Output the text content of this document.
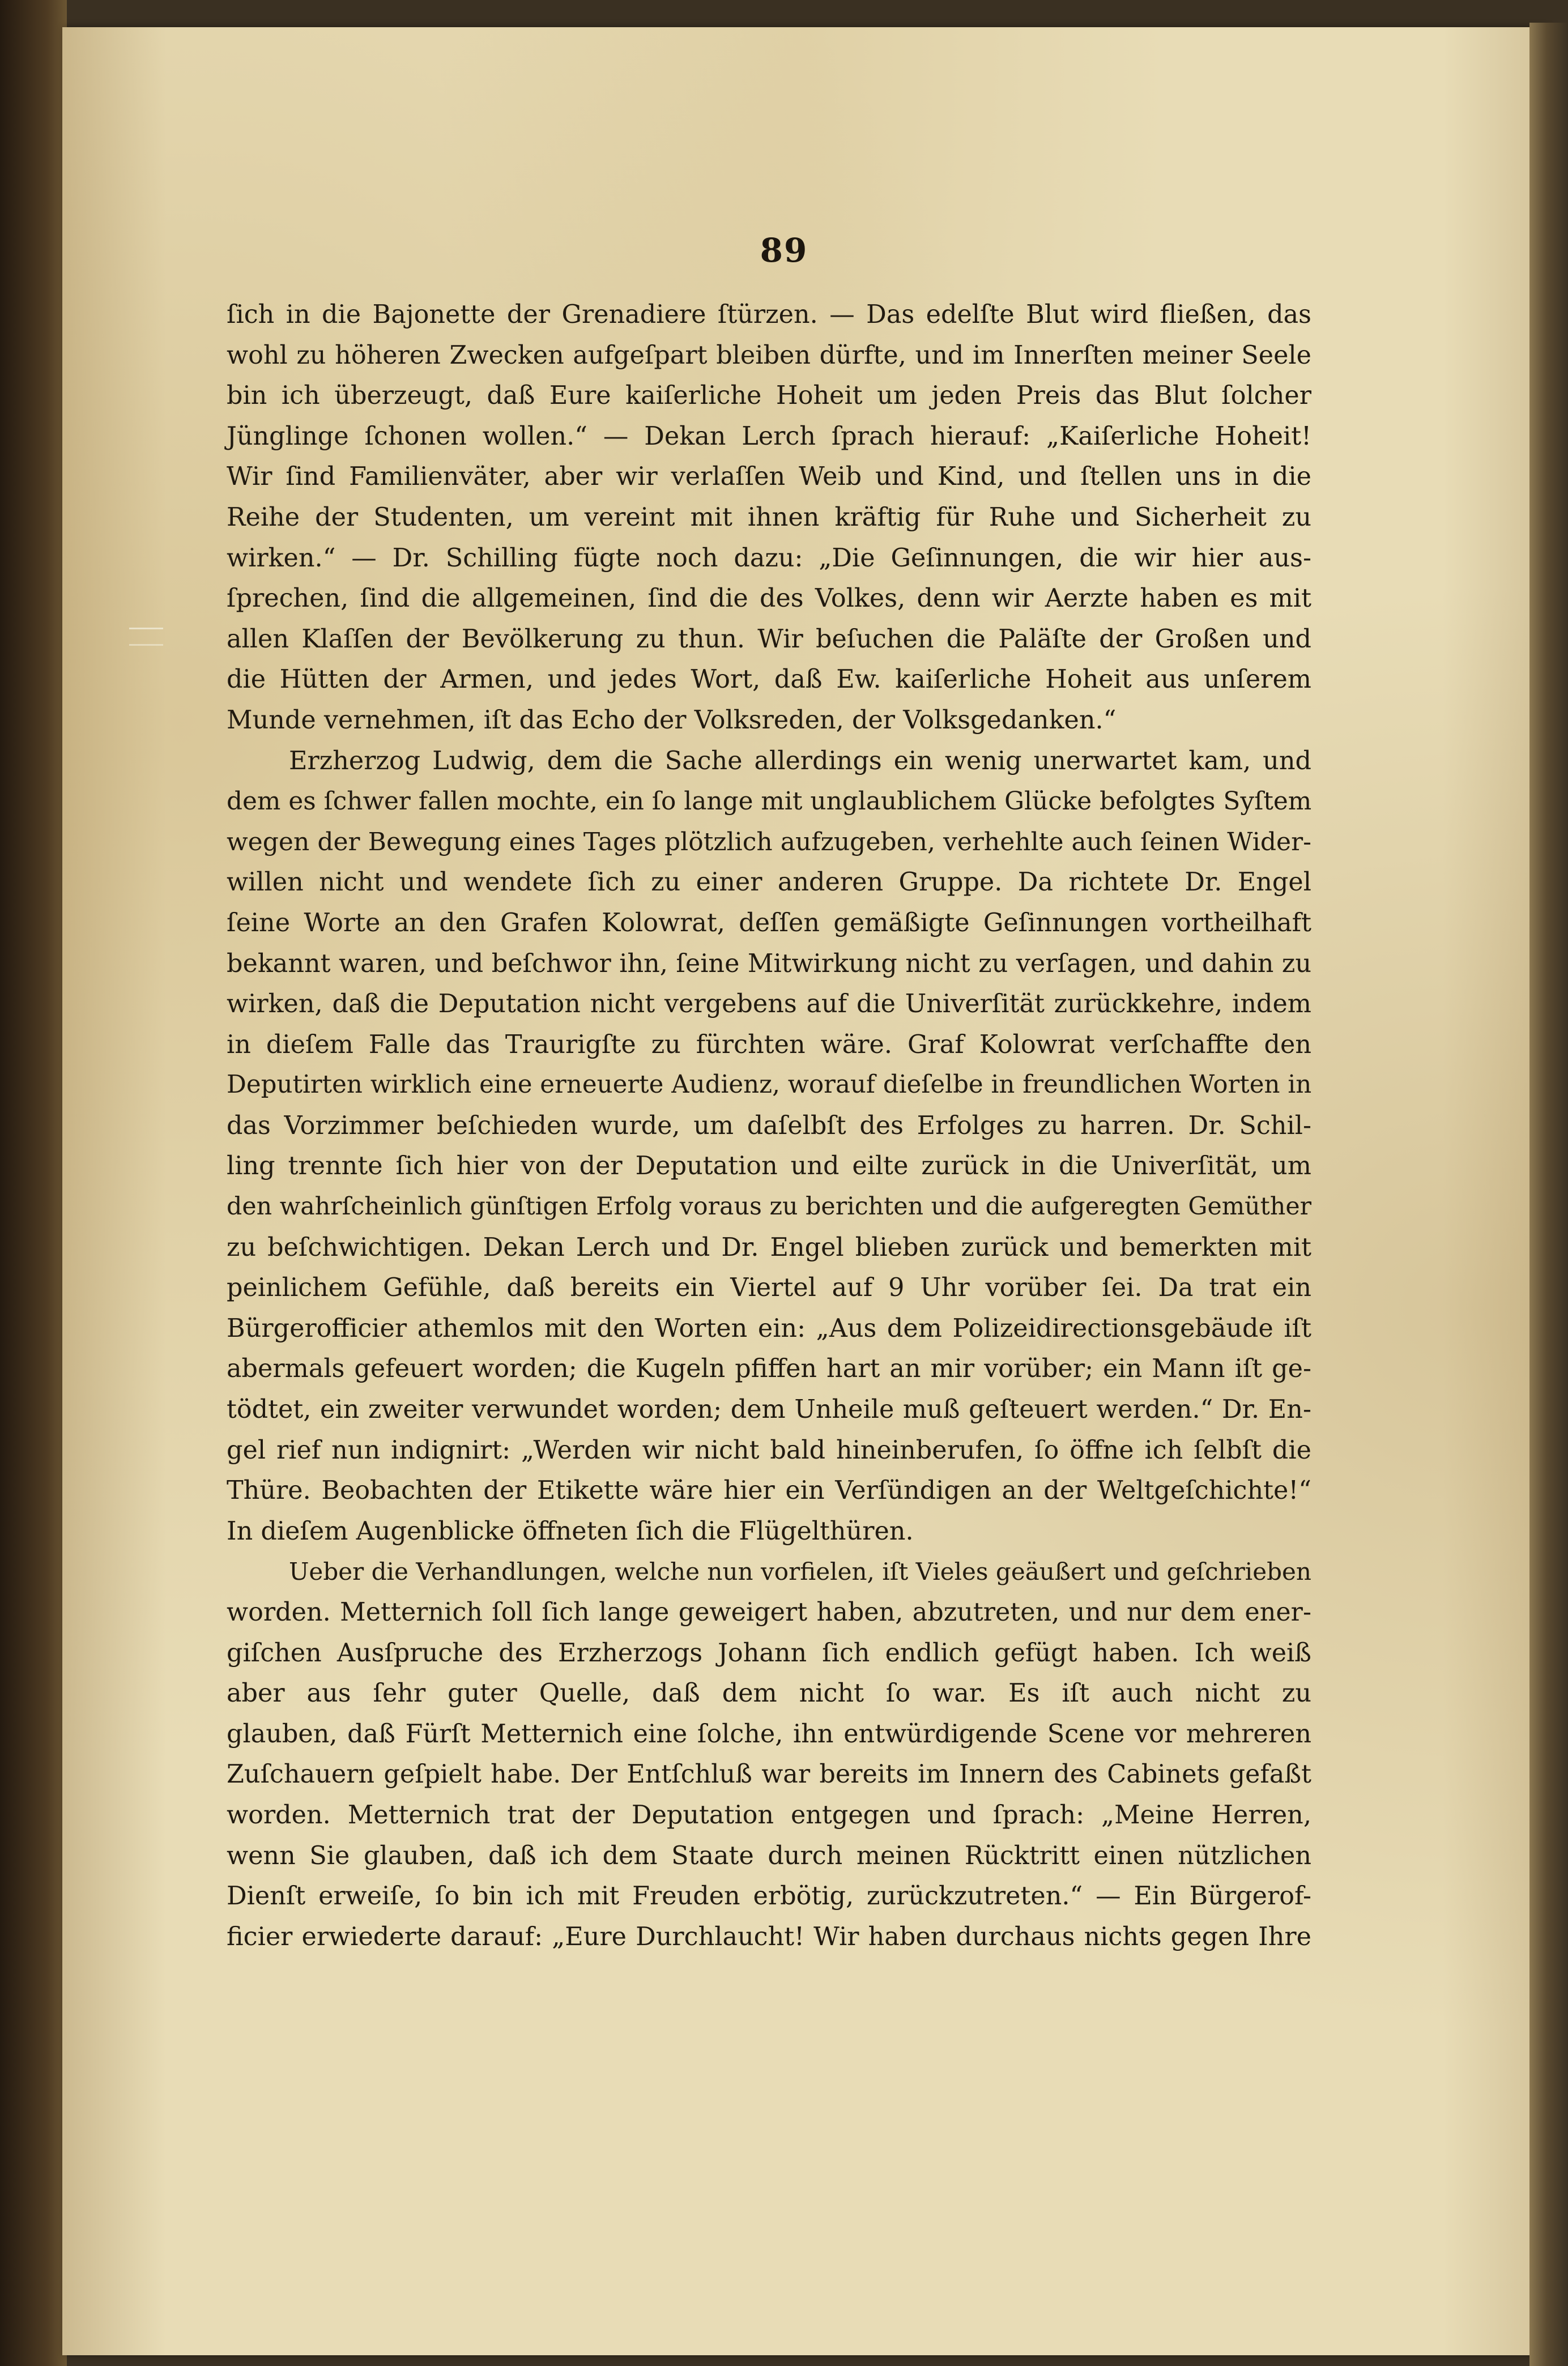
89

ſich in die Bajonette der Grenadiere ſtürzen. — Das edelſte Blut wird fließen, das
wohl zu höheren Zwecken aufgeſpart bleiben dürfte, und im Innerſten meiner Seele
bin ich überzeugt, daß Eure kaiſerliche Hoheit um jeden Preis das Blut ſolcher
Jünglinge ſchonen wollen.“ — Dekan Lerch ſprach hierauf: „Kaiſerliche Hoheit!
Wir ſind Familienväter, aber wir verlaſſen Weib und Kind, und ſtellen uns in die
Reihe der Studenten, um vereint mit ihnen kräftig für Ruhe und Sicherheit zu
wirken.“ — Dr. Schilling fügte noch dazu: „Die Geſinnungen, die wir hier aus-
ſprechen, ſind die allgemeinen, ſind die des Volkes, denn wir Aerzte haben es mit
allen Klaſſen der Bevölkerung zu thun. Wir beſuchen die Paläſte der Großen und
die Hütten der Armen, und jedes Wort, daß Ew. kaiſerliche Hoheit aus unſerem
Munde vernehmen, iſt das Echo der Volksreden, der Volksgedanken.“

Erzherzog Ludwig, dem die Sache allerdings ein wenig unerwartet kam, und
dem es ſchwer fallen mochte, ein ſo lange mit unglaublichem Glücke befolgtes Syſtem
wegen der Bewegung eines Tages plötzlich aufzugeben, verhehlte auch ſeinen Wider-
willen nicht und wendete ſich zu einer anderen Gruppe. Da richtete Dr. Engel
ſeine Worte an den Grafen Kolowrat, deſſen gemäßigte Geſinnungen vortheilhaft
bekannt waren, und beſchwor ihn, ſeine Mitwirkung nicht zu verſagen, und dahin zu
wirken, daß die Deputation nicht vergebens auf die Univerſität zurückkehre, indem
in dieſem Falle das Traurigſte zu fürchten wäre. Graf Kolowrat verſchaffte den
Deputirten wirklich eine erneuerte Audienz, worauf dieſelbe in freundlichen Worten in
das Vorzimmer beſchieden wurde, um daſelbſt des Erfolges zu harren. Dr. Schil-
ling trennte ſich hier von der Deputation und eilte zurück in die Univerſität, um
den wahrſcheinlich günſtigen Erfolg voraus zu berichten und die aufgeregten Gemüther
zu beſchwichtigen. Dekan Lerch und Dr. Engel blieben zurück und bemerkten mit
peinlichem Gefühle, daß bereits ein Viertel auf 9 Uhr vorüber ſei. Da trat ein
Bürgerofficier athemlos mit den Worten ein: „Aus dem Polizeidirectionsgebäude iſt
abermals gefeuert worden; die Kugeln pfiffen hart an mir vorüber; ein Mann iſt ge-
tödtet, ein zweiter verwundet worden; dem Unheile muß geſteuert werden.“ Dr. En-
gel rief nun indignirt: „Werden wir nicht bald hineinberufen, ſo öffne ich ſelbſt die
Thüre. Beobachten der Etikette wäre hier ein Verſündigen an der Weltgeſchichte!“
In dieſem Augenblicke öffneten ſich die Flügelthüren.

Ueber die Verhandlungen, welche nun vorfielen, iſt Vieles geäußert und geſchrieben
worden. Metternich ſoll ſich lange geweigert haben, abzutreten, und nur dem ener-
giſchen Ausſpruche des Erzherzogs Johann ſich endlich gefügt haben. Ich weiß
aber aus ſehr guter Quelle, daß dem nicht ſo war. Es iſt auch nicht zu
glauben, daß Fürſt Metternich eine ſolche, ihn entwürdigende Scene vor mehreren
Zuſchauern geſpielt habe. Der Entſchluß war bereits im Innern des Cabinets gefaßt
worden. Metternich trat der Deputation entgegen und ſprach: „Meine Herren,
wenn Sie glauben, daß ich dem Staate durch meinen Rücktritt einen nützlichen
Dienſt erweiſe, ſo bin ich mit Freuden erbötig, zurückzutreten.“ — Ein Bürgerof-
ficier erwiederte darauf: „Eure Durchlaucht! Wir haben durchaus nichts gegen Ihre
